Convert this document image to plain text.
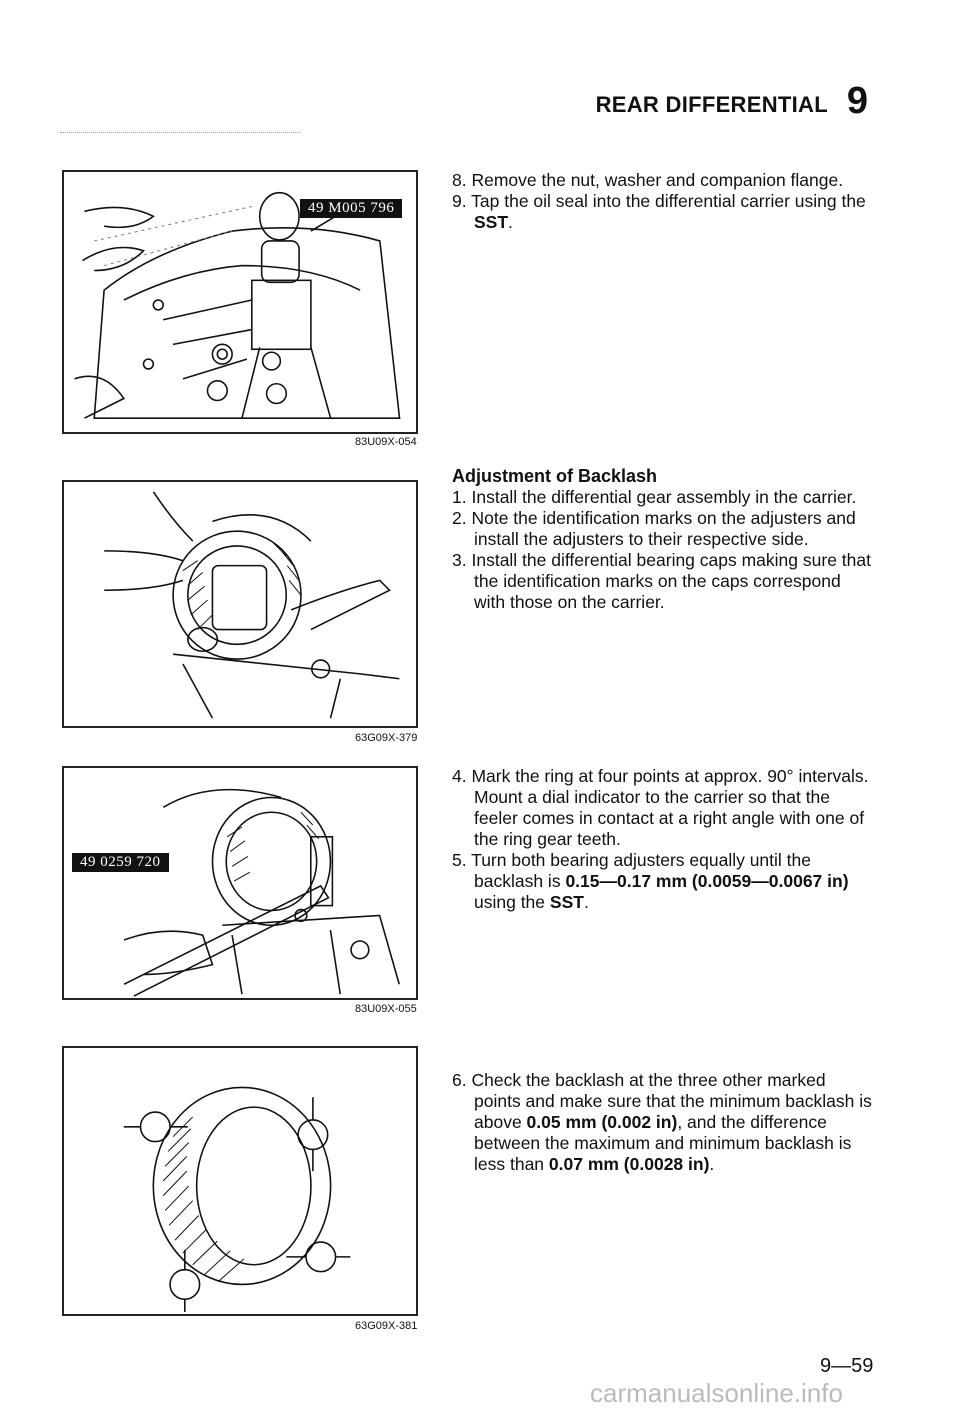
REAR DIFFERENTIAL 9
49 M005 796
83U09X-054
63G09X-379
49 0259 720
83U09X-055
63G09X-381

8. Remove the nut, washer and companion flange.

9. Tap the oil seal into the differential carrier using the SST.

Adjustment of Backlash

1. Install the differential gear assembly in the carrier.

2. Note the identification marks on the adjusters and install the adjusters to their respective side.

3. Install the differential bearing caps making sure that the identification marks on the caps correspond with those on the carrier.

4. Mark the ring at four points at approx. 90° intervals. Mount a dial indicator to the carrier so that the feeler comes in contact at a right angle with one of the ring gear teeth.

5. Turn both bearing adjusters equally until the backlash is 0.15—0.17 mm (0.0059—0.0067 in) using the SST.

6. Check the backlash at the three other marked points and make sure that the minimum backlash is above 0.05 mm (0.002 in), and the difference between the maximum and minimum backlash is less than 0.07 mm (0.0028 in).

9—59
carmanualsonline.info
